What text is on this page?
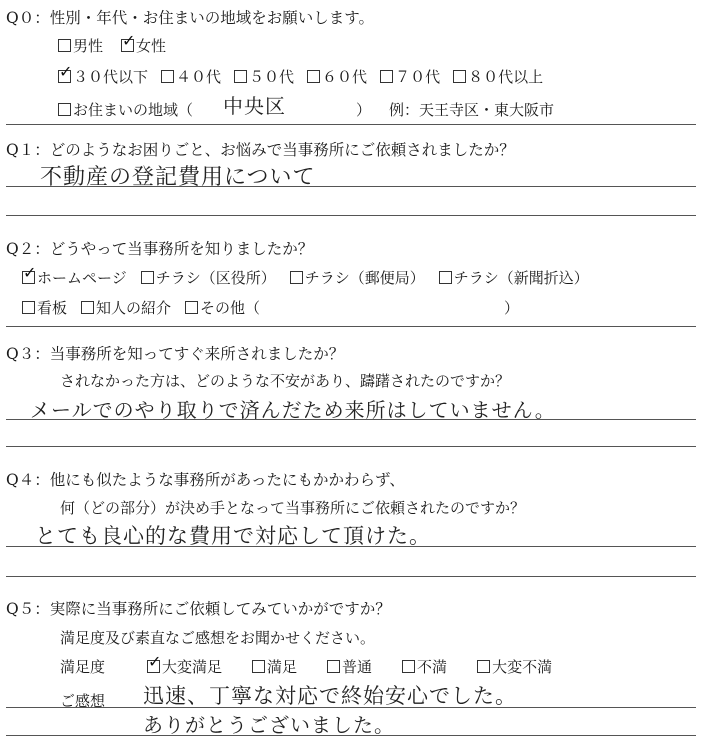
Q０：性別・年代・お住まいの地域をお願いします。
男性 ✓ 女性
✓ ３０代以下 ４０代 ５０代 ６０代 ７０代 ８０代以上
お住まいの地域（ 中央区	） 例：天王寺区・東大阪市
Q１：どのようなお困りごと、お悩みで当事務所にご依頼されましたか？
不動産の登記費用について
Q２：どうやって当事務所を知りましたか？
✓ ホームページ チラシ（区役所） チラシ（郵便局） チラシ（新聞折込）
看板 知人の紹介 その他（	）
Q３：当事務所を知ってすぐ来所されましたか？
されなかった方は、どのような不安があり、躊躇されたのですか？
メールでのやり取りで済んだため来所はしていません。
Q４：他にも似たような事務所があったにもかかわらず、
何（どの部分）が決め手となって当事務所にご依頼されたのですか？
とても良心的な費用で対応して頂けた。
Q５：実際に当事務所にご依頼してみていかがですか？
満足度及び素直なご感想をお聞かせください。
満足度	✓ 大変満足	満足	普通	不満	大変不満
ご感想 迅速、丁寧な対応で終始安心でした。
ありがとうございました。
